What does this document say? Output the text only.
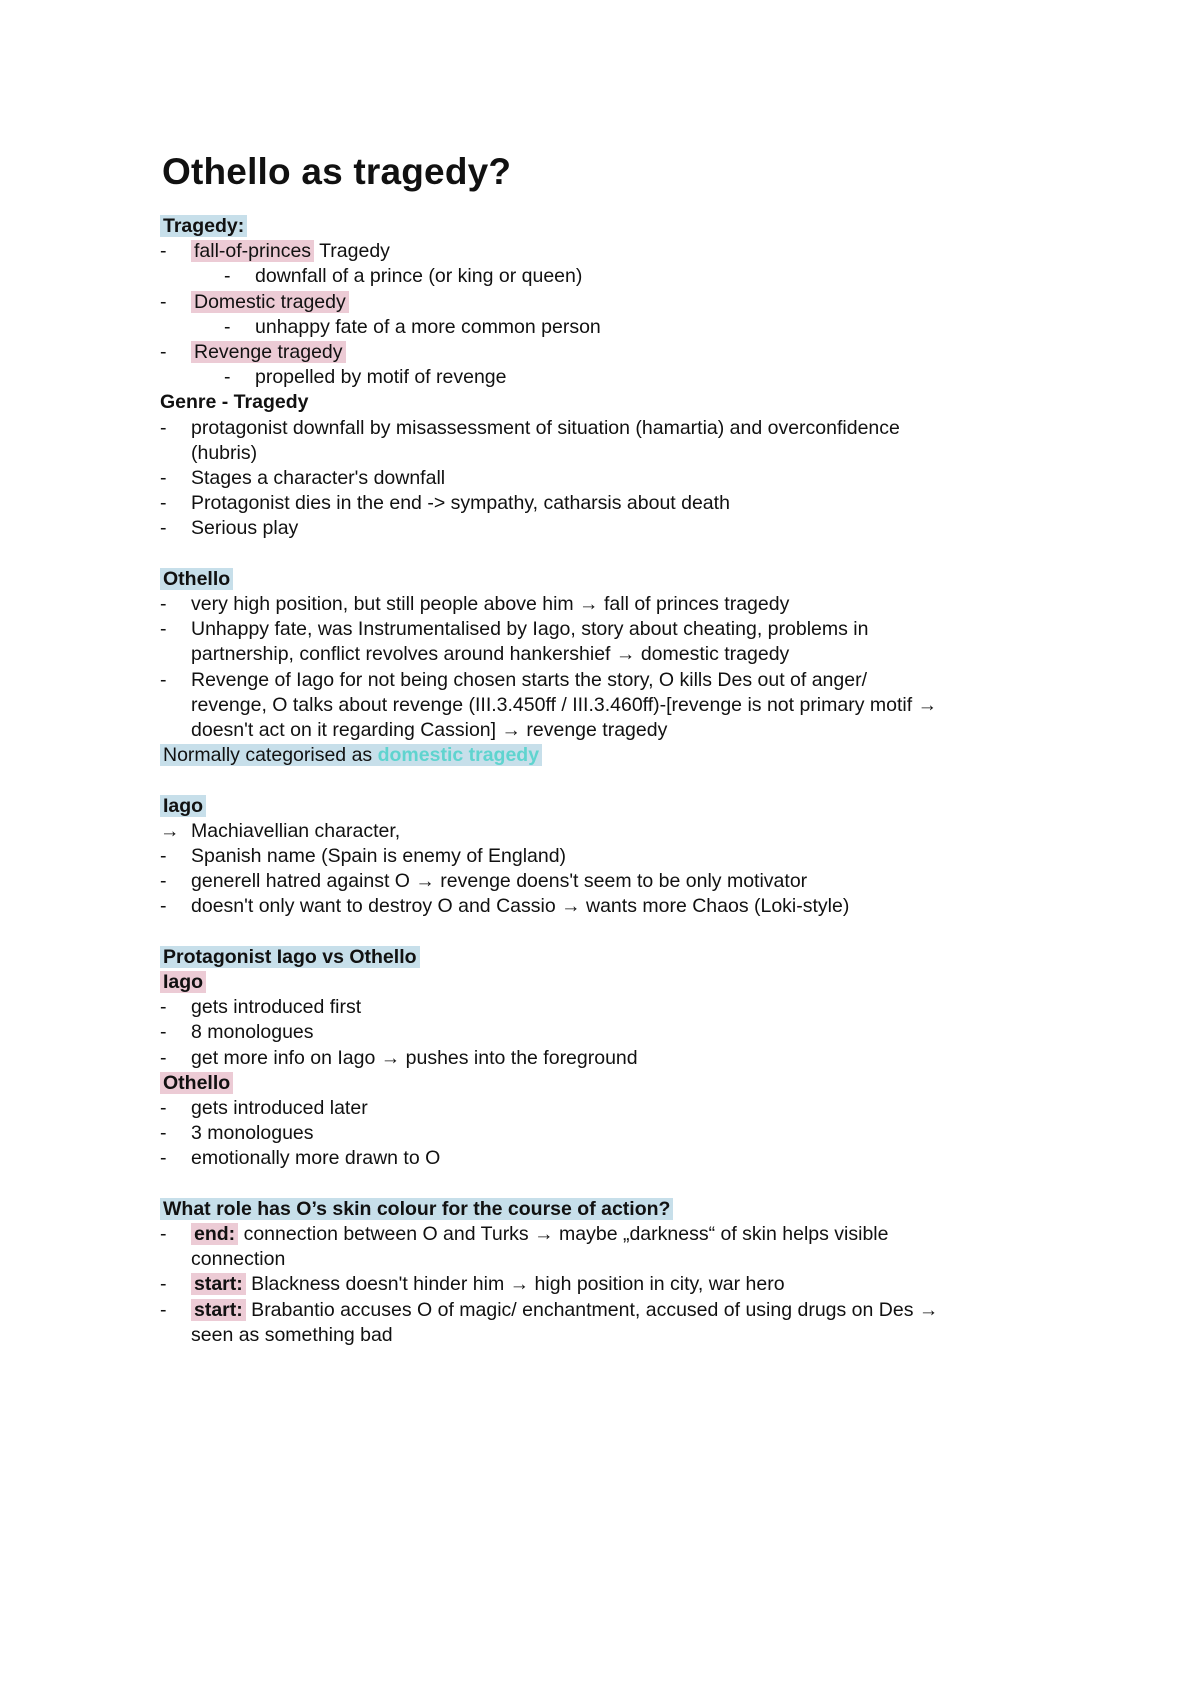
Othello as tragedy?
Tragedy:
- fall-of-princes Tragedy
- downfall of a prince (or king or queen)
- Domestic tragedy
- unhappy fate of a more common person
- Revenge tragedy
- propelled by motif of revenge
Genre - Tragedy
- protagonist downfall by misassessment of situation (hamartia) and overconfidence
(hubris)
- Stages a character's downfall
- Protagonist dies in the end -> sympathy, catharsis about death
- Serious play
Othello
- very high position, but still people above him → fall of princes tragedy
- Unhappy fate, was Instrumentalised by Iago, story about cheating, problems in
partnership, conflict revolves around hankershief → domestic tragedy
- Revenge of Iago for not being chosen starts the story, O kills Des out of anger/
revenge, O talks about revenge (III.3.450ff / III.3.460ff)-[revenge is not primary motif →
doesn't act on it regarding Cassion] → revenge tragedy
Normally categorised as domestic tragedy
Iago
→ Machiavellian character,
- Spanish name (Spain is enemy of England)
- generell hatred against O → revenge doens't seem to be only motivator
- doesn't only want to destroy O and Cassio → wants more Chaos (Loki-style)
Protagonist Iago vs Othello
Iago
- gets introduced first
- 8 monologues
- get more info on Iago → pushes into the foreground
Othello
- gets introduced later
- 3 monologues
- emotionally more drawn to O
What role has O’s skin colour for the course of action?
- end: connection between O and Turks → maybe „darkness“ of skin helps visible
connection
- start: Blackness doesn't hinder him → high position in city, war hero
- start: Brabantio accuses O of magic/ enchantment, accused of using drugs on Des →
seen as something bad
